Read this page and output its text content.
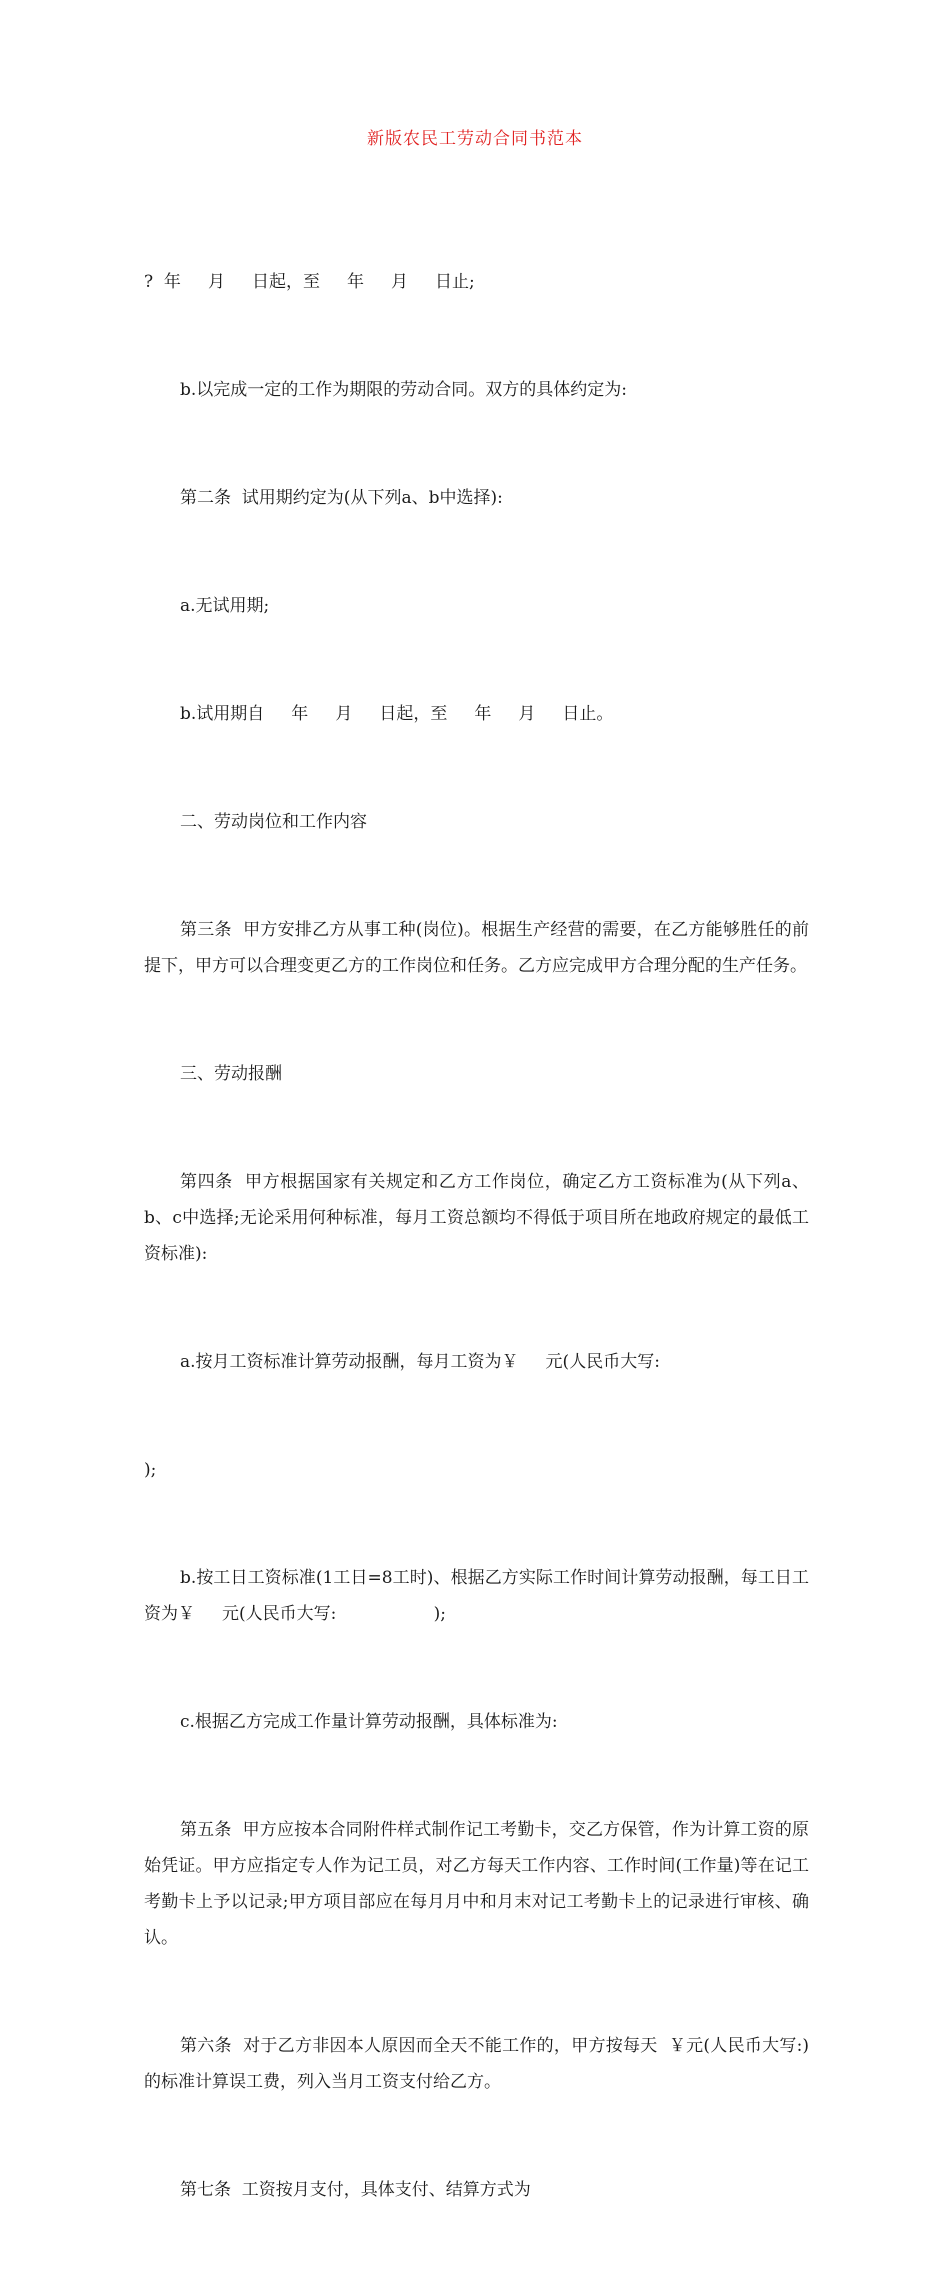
新版农民工劳动合同书范本

?  年     月     日起，至     年     月     日止;

b.以完成一定的工作为期限的劳动合同。双方的具体约定为:

第二条  试用期约定为(从下列a、b中选择):

a.无试用期;

b.试用期自     年     月     日起，至     年     月     日止。

二、劳动岗位和工作内容

第三条  甲方安排乙方从事工种(岗位)。根据生产经营的需要，在乙方能够胜任的前提下，甲方可以合理变更乙方的工作岗位和任务。乙方应完成甲方合理分配的生产任务。

三、劳动报酬

第四条  甲方根据国家有关规定和乙方工作岗位，确定乙方工资标准为(从下列a、b、c中选择;无论采用何种标准，每月工资总额均不得低于项目所在地政府规定的最低工资标准):

a.按月工资标准计算劳动报酬，每月工资为￥     元(人民币大写:

);

b.按工日工资标准(1工日=8工时)、根据乙方实际工作时间计算劳动报酬，每工日工资为￥     元(人民币大写:                  );

c.根据乙方完成工作量计算劳动报酬，具体标准为:

第五条  甲方应按本合同附件样式制作记工考勤卡，交乙方保管，作为计算工资的原始凭证。甲方应指定专人作为记工员，对乙方每天工作内容、工作时间(工作量)等在记工考勤卡上予以记录;甲方项目部应在每月月中和月末对记工考勤卡上的记录进行审核、确认。

第六条  对于乙方非因本人原因而全天不能工作的，甲方按每天  ￥元(人民币大写:)的标准计算误工费，列入当月工资支付给乙方。

第七条  工资按月支付，具体支付、结算方式为
